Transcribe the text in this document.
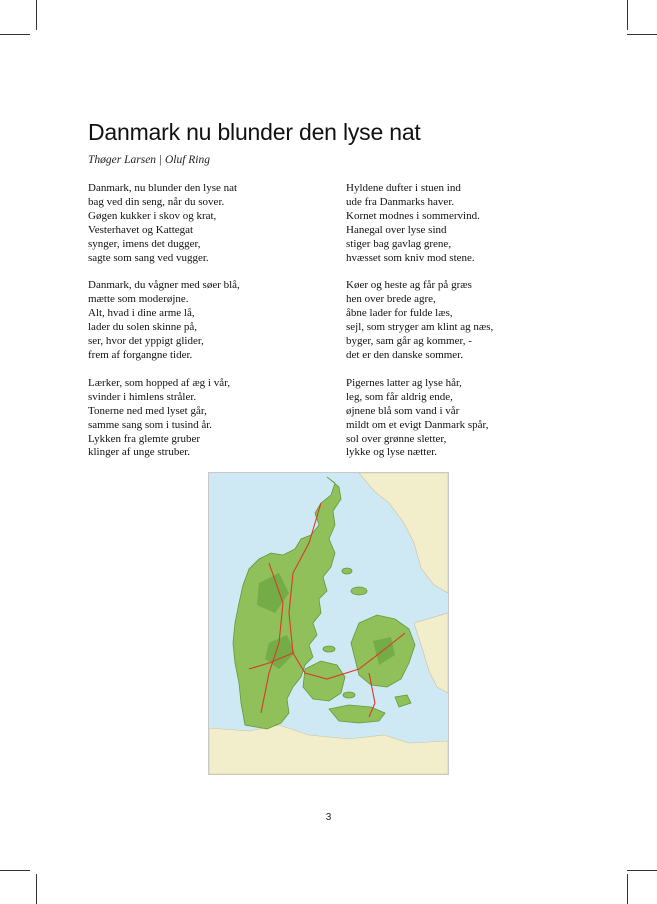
Danmark nu blunder den lyse nat
Thøger Larsen | Oluf Ring
Danmark, nu blunder den lyse nat
bag ved din seng, når du sover.
Gøgen kukker i skov og krat,
Vesterhavet og Kattegat
synger, imens det dugger,
sagte som sang ved vugger.
Danmark, du vågner med søer blå,
mætte som moderøjne.
Alt, hvad i dine arme lå,
lader du solen skinne på,
ser, hvor det yppigt glider,
frem af forgangne tider.
Lærker, som hopped af æg i vår,
svinder i himlens stråler.
Tonerne ned med lyset går,
samme sang som i tusind år.
Lykken fra glemte gruber
klinger af unge struber.
Hyldene dufter i stuen ind
ude fra Danmarks haver.
Kornet modnes i sommervind.
Hanegal over lyse sind
stiger bag gavlag grene,
hvæsset som kniv mod stene.
Køer og heste ag får på græs
hen over brede agre,
åbne lader for fulde læs,
sejl, som stryger am klint ag næs,
byger, sam går ag kommer, -
det er den danske sommer.
Pigernes latter ag lyse hår,
leg, som får aldrig ende,
øjnene blå som vand i vår
mildt om et evigt Danmark spår,
sol over grønne sletter,
lykke og lyse nætter.
3
